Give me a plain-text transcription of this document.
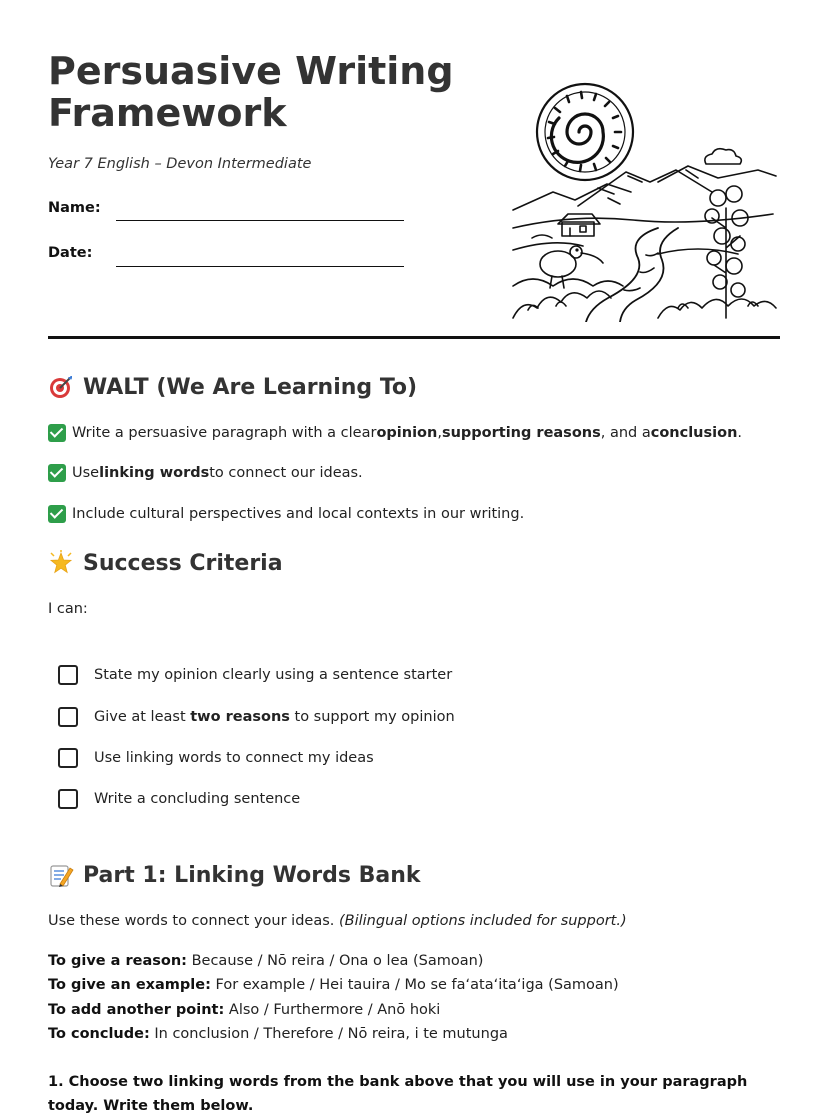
Persuasive Writing
Framework
Year 7 English – Devon Intermediate
Name:
Date:
WALT (We Are Learning To)
Write a persuasive paragraph with a clear opinion , supporting reasons , and a conclusion .
Use linking words to connect our ideas.
Include cultural perspectives and local contexts in our writing.
Success Criteria
I can:
State my opinion clearly using a sentence starter
Give at least two reasons to support my opinion
Use linking words to connect my ideas
Write a concluding sentence
Part 1: Linking Words Bank
Use these words to connect your ideas. (Bilingual options included for support.)
To give a reason: Because / Nō reira / Ona o lea (Samoan)
To give an example: For example / Hei tauira / Mo se faʻataʻitaʻiga (Samoan)
To add another point: Also / Furthermore / Anō hoki
To conclude: In conclusion / Therefore / Nō reira, i te mutunga

1. Choose two linking words from the bank above that you will use in your paragraph today. Write them below.
